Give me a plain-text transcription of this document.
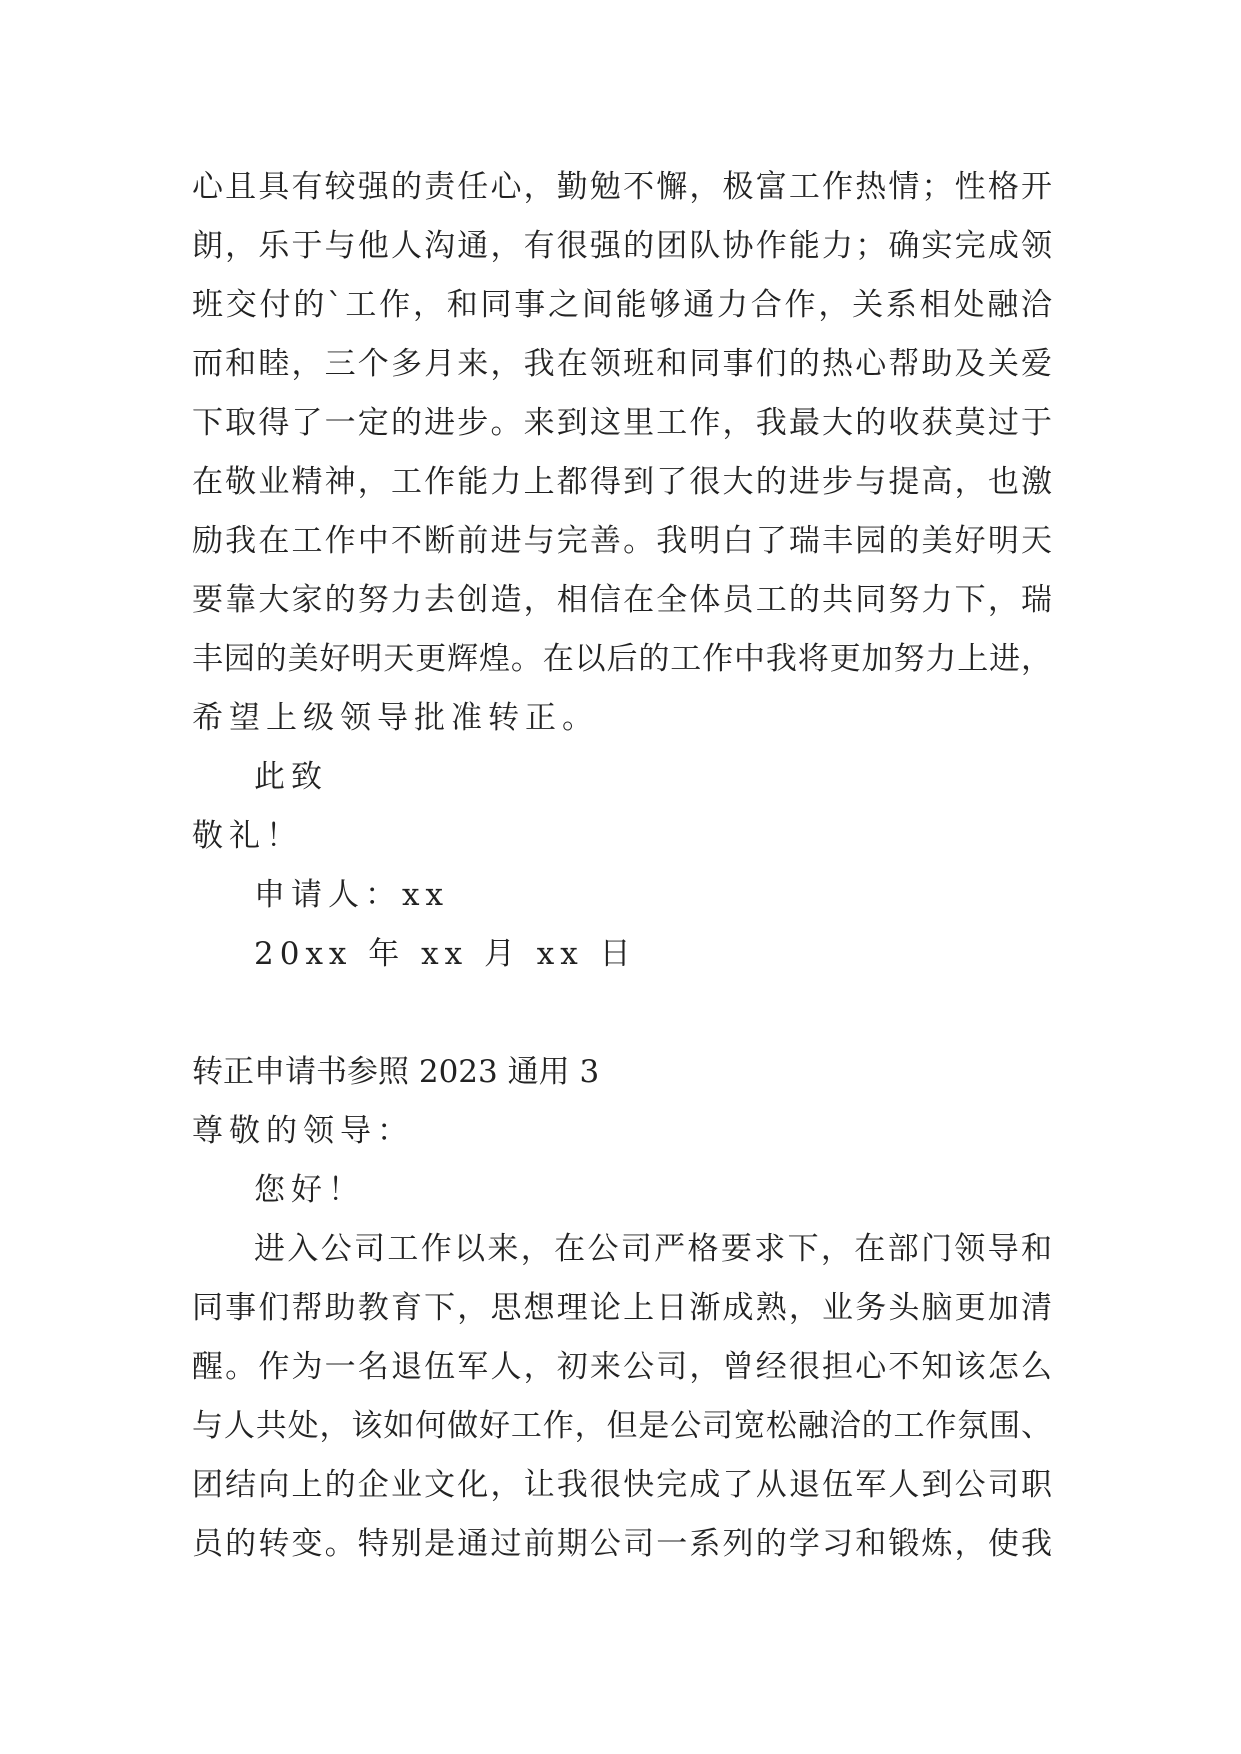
心且具有较强的责任心，勤勉不懈，极富工作热情；性格开
朗，乐于与他人沟通，有很强的团队协作能力；确实完成领
班交付的`工作，和同事之间能够通力合作，关系相处融洽
而和睦，三个多月来，我在领班和同事们的热心帮助及关爱
下取得了一定的进步。来到这里工作，我最大的收获莫过于
在敬业精神，工作能力上都得到了很大的进步与提高，也激
励我在工作中不断前进与完善。我明白了瑞丰园的美好明天
要靠大家的努力去创造，相信在全体员工的共同努力下，瑞
丰园的美好明天更辉煌。在以后的工作中我将更加努力上进，
希望上级领导批准转正。
此致
敬礼！
申请人：xx
20xx 年 xx 月 xx 日
转正申请书参照 2023 通用 3
尊敬的领导：
您好！
进入公司工作以来，在公司严格要求下，在部门领导和
同事们帮助教育下，思想理论上日渐成熟，业务头脑更加清
醒。作为一名退伍军人，初来公司，曾经很担心不知该怎么
与人共处，该如何做好工作，但是公司宽松融洽的工作氛围、
团结向上的企业文化，让我很快完成了从退伍军人到公司职
员的转变。特别是通过前期公司一系列的学习和锻炼，使我
